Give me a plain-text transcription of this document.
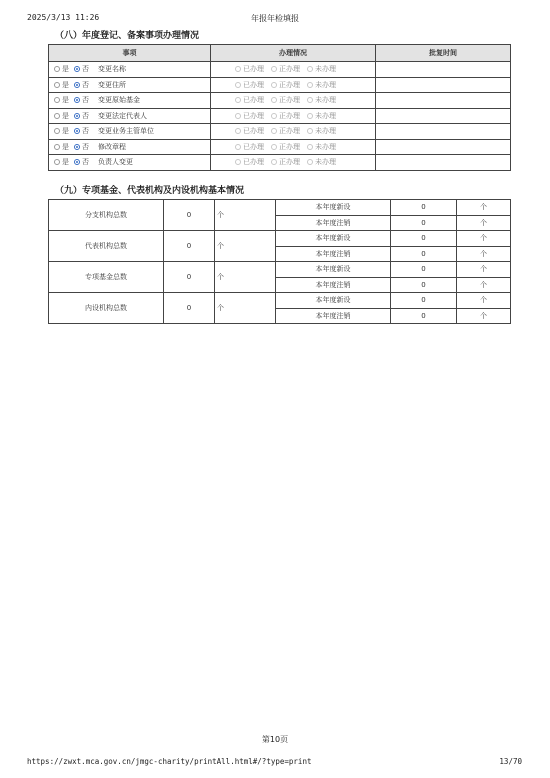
2025/3/13 11:26	年报年检填报
（八）年度登记、备案事项办理情况
事项	办理情况	批复时间
是 否 变更名称	已办理 正办理 未办理	
是 否 变更住所	已办理 正办理 未办理	
是 否 变更原始基金	已办理 正办理 未办理	
是 否 变更法定代表人	已办理 正办理 未办理	
是 否 变更业务主管单位	已办理 正办理 未办理	
是 否 修改章程	已办理 正办理 未办理	
是 否 负责人变更	已办理 正办理 未办理	
（九）专项基金、代表机构及内设机构基本情况
分支机构总数	0	个	本年度新设	0	个
			本年度注销	0	个
代表机构总数	0	个	本年度新设	0	个
			本年度注销	0	个
专项基金总数	0	个	本年度新设	0	个
			本年度注销	0	个
内设机构总数	0	个	本年度新设	0	个
			本年度注销	0	个
第10页
https://zwxt.mca.gov.cn/jmgc-charity/printAll.html#/?type=print	13/70
